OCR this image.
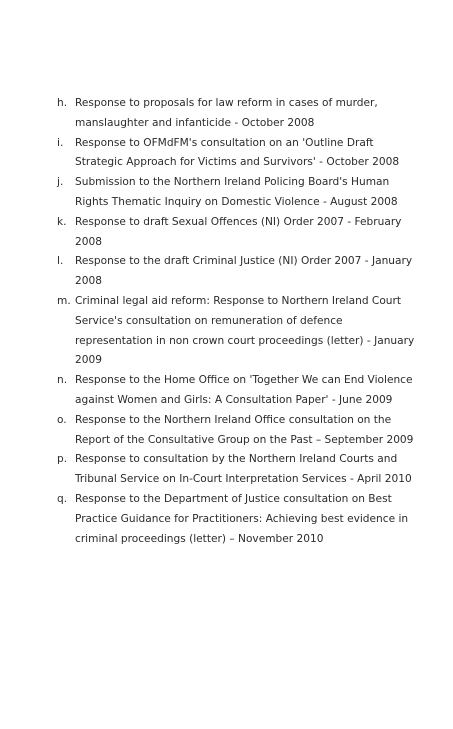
h. Response to proposals for law reform in cases of murder, manslaughter and infanticide - October 2008
i.	Response to OFMdFM's consultation on an 'Outline Draft Strategic Approach for Victims and Survivors' - October 2008
j.	Submission to the Northern Ireland Policing Board's Human Rights Thematic Inquiry on Domestic Violence - August 2008
k. Response to draft Sexual Offences (NI) Order 2007 - February 2008
l.	Response to the draft Criminal Justice (NI) Order 2007 - January 2008
m. Criminal legal aid reform: Response to Northern Ireland Court Service's consultation on remuneration of defence representation in non crown court proceedings (letter) - January 2009
n. Response to the Home Office on 'Together We can End Violence against Women and Girls: A Consultation Paper' - June 2009
o. Response to the Northern Ireland Office consultation on the Report of the Consultative Group on the Past – September 2009
p. Response to consultation by the Northern Ireland Courts and Tribunal Service on In-Court Interpretation Services - April 2010
q. Response to the Department of Justice consultation on Best Practice Guidance for Practitioners: Achieving best evidence in criminal proceedings (letter) – November 2010
